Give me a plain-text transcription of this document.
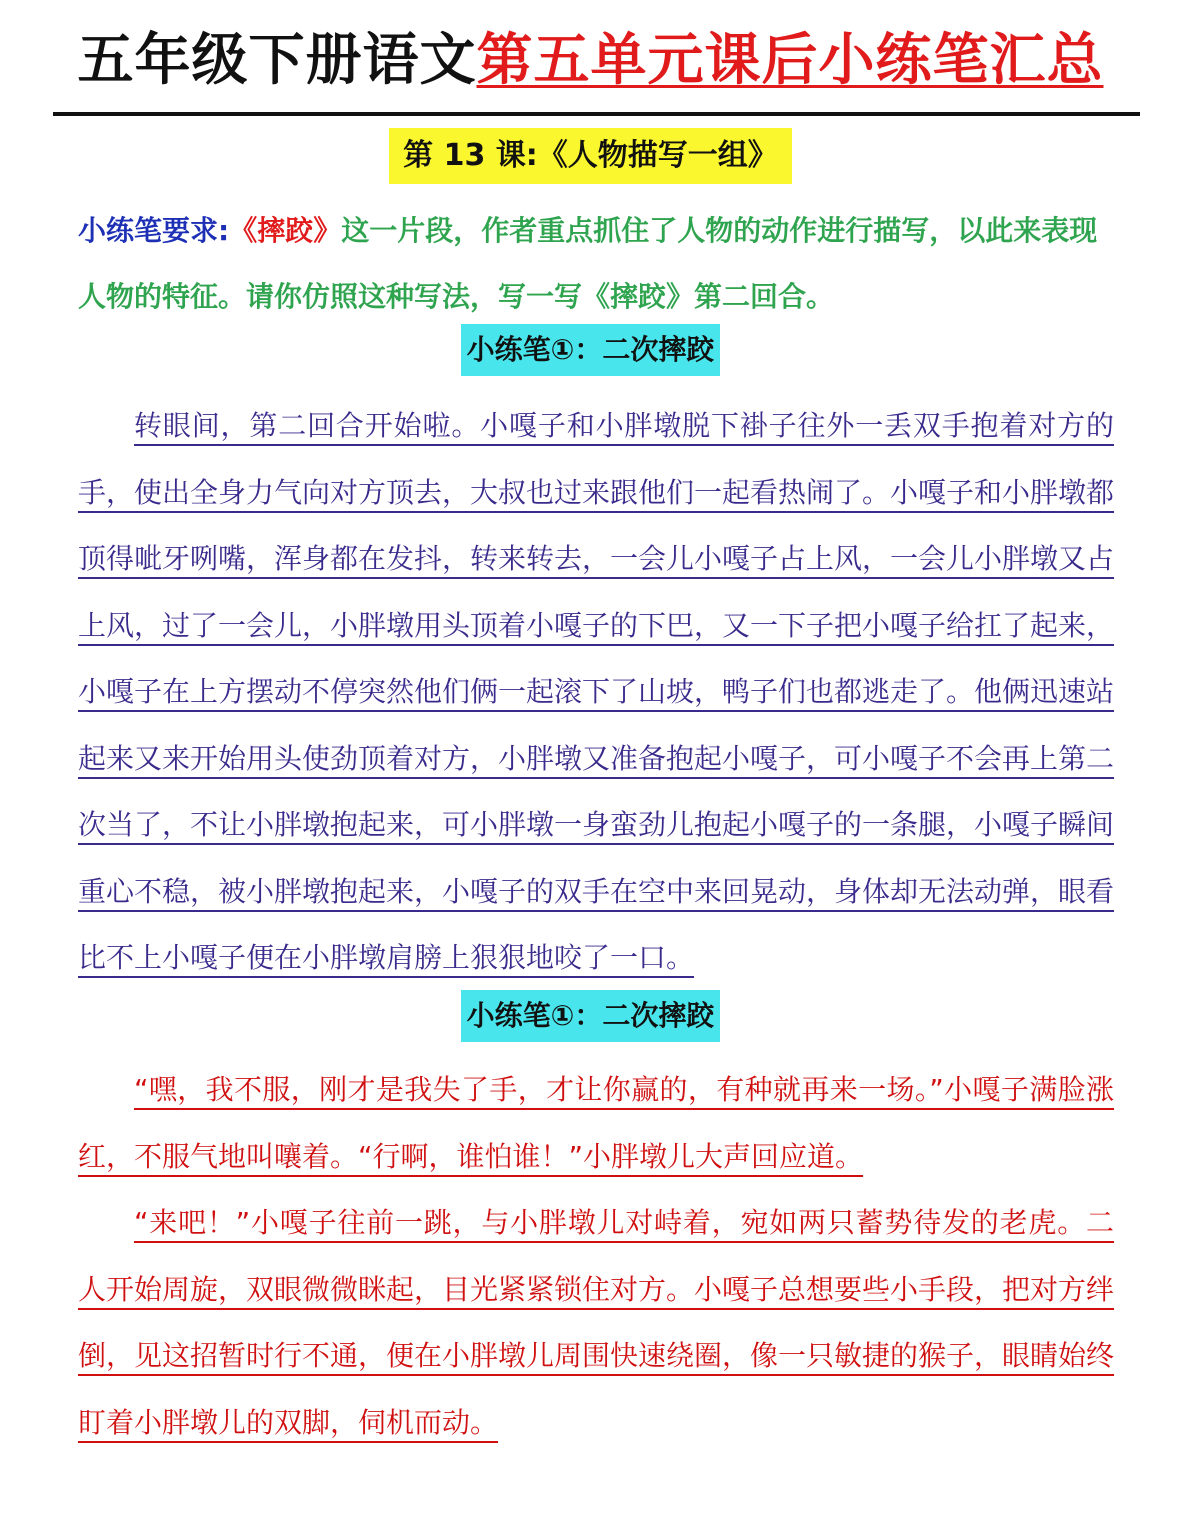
五年级下册语文第五单元课后小练笔汇总
第 13 课:《人物描写一组》
小练笔要求:《摔跤》这一片段，作者重点抓住了人物的动作进行描写，以此来表现人物的特征。请你仿照这种写法，写一写《摔跤》第二回合。
小练笔①：二次摔跤
转眼间，第二回合开始啦。小嘎子和小胖墩脱下褂子往外一丢双手抱着对方的手，使出全身力气向对方顶去，大叔也过来跟他们一起看热闹了。小嘎子和小胖墩都顶得呲牙咧嘴，浑身都在发抖，转来转去，一会儿小嘎子占上风，一会儿小胖墩又占上风，过了一会儿，小胖墩用头顶着小嘎子的下巴，又一下子把小嘎子给扛了起来，小嘎子在上方摆动不停突然他们俩一起滚下了山坡，鸭子们也都逃走了。他俩迅速站起来又来开始用头使劲顶着对方，小胖墩又准备抱起小嘎子，可小嘎子不会再上第二次当了，不让小胖墩抱起来，可小胖墩一身蛮劲儿抱起小嘎子的一条腿，小嘎子瞬间重心不稳，被小胖墩抱起来，小嘎子的双手在空中来回晃动，身体却无法动弹，眼看比不上小嘎子便在小胖墩肩膀上狠狠地咬了一口。
小练笔①：二次摔跤
“嘿，我不服，刚才是我失了手，才让你赢的，有种就再来一场。”小嘎子满脸涨红，不服气地叫嚷着。“行啊，谁怕谁！”小胖墩儿大声回应道。
“来吧！”小嘎子往前一跳，与小胖墩儿对峙着，宛如两只蓄势待发的老虎。二人开始周旋，双眼微微眯起，目光紧紧锁住对方。小嘎子总想要些小手段，把对方绊倒，见这招暂时行不通，便在小胖墩儿周围快速绕圈，像一只敏捷的猴子，眼睛始终盯着小胖墩儿的双脚，伺机而动。
